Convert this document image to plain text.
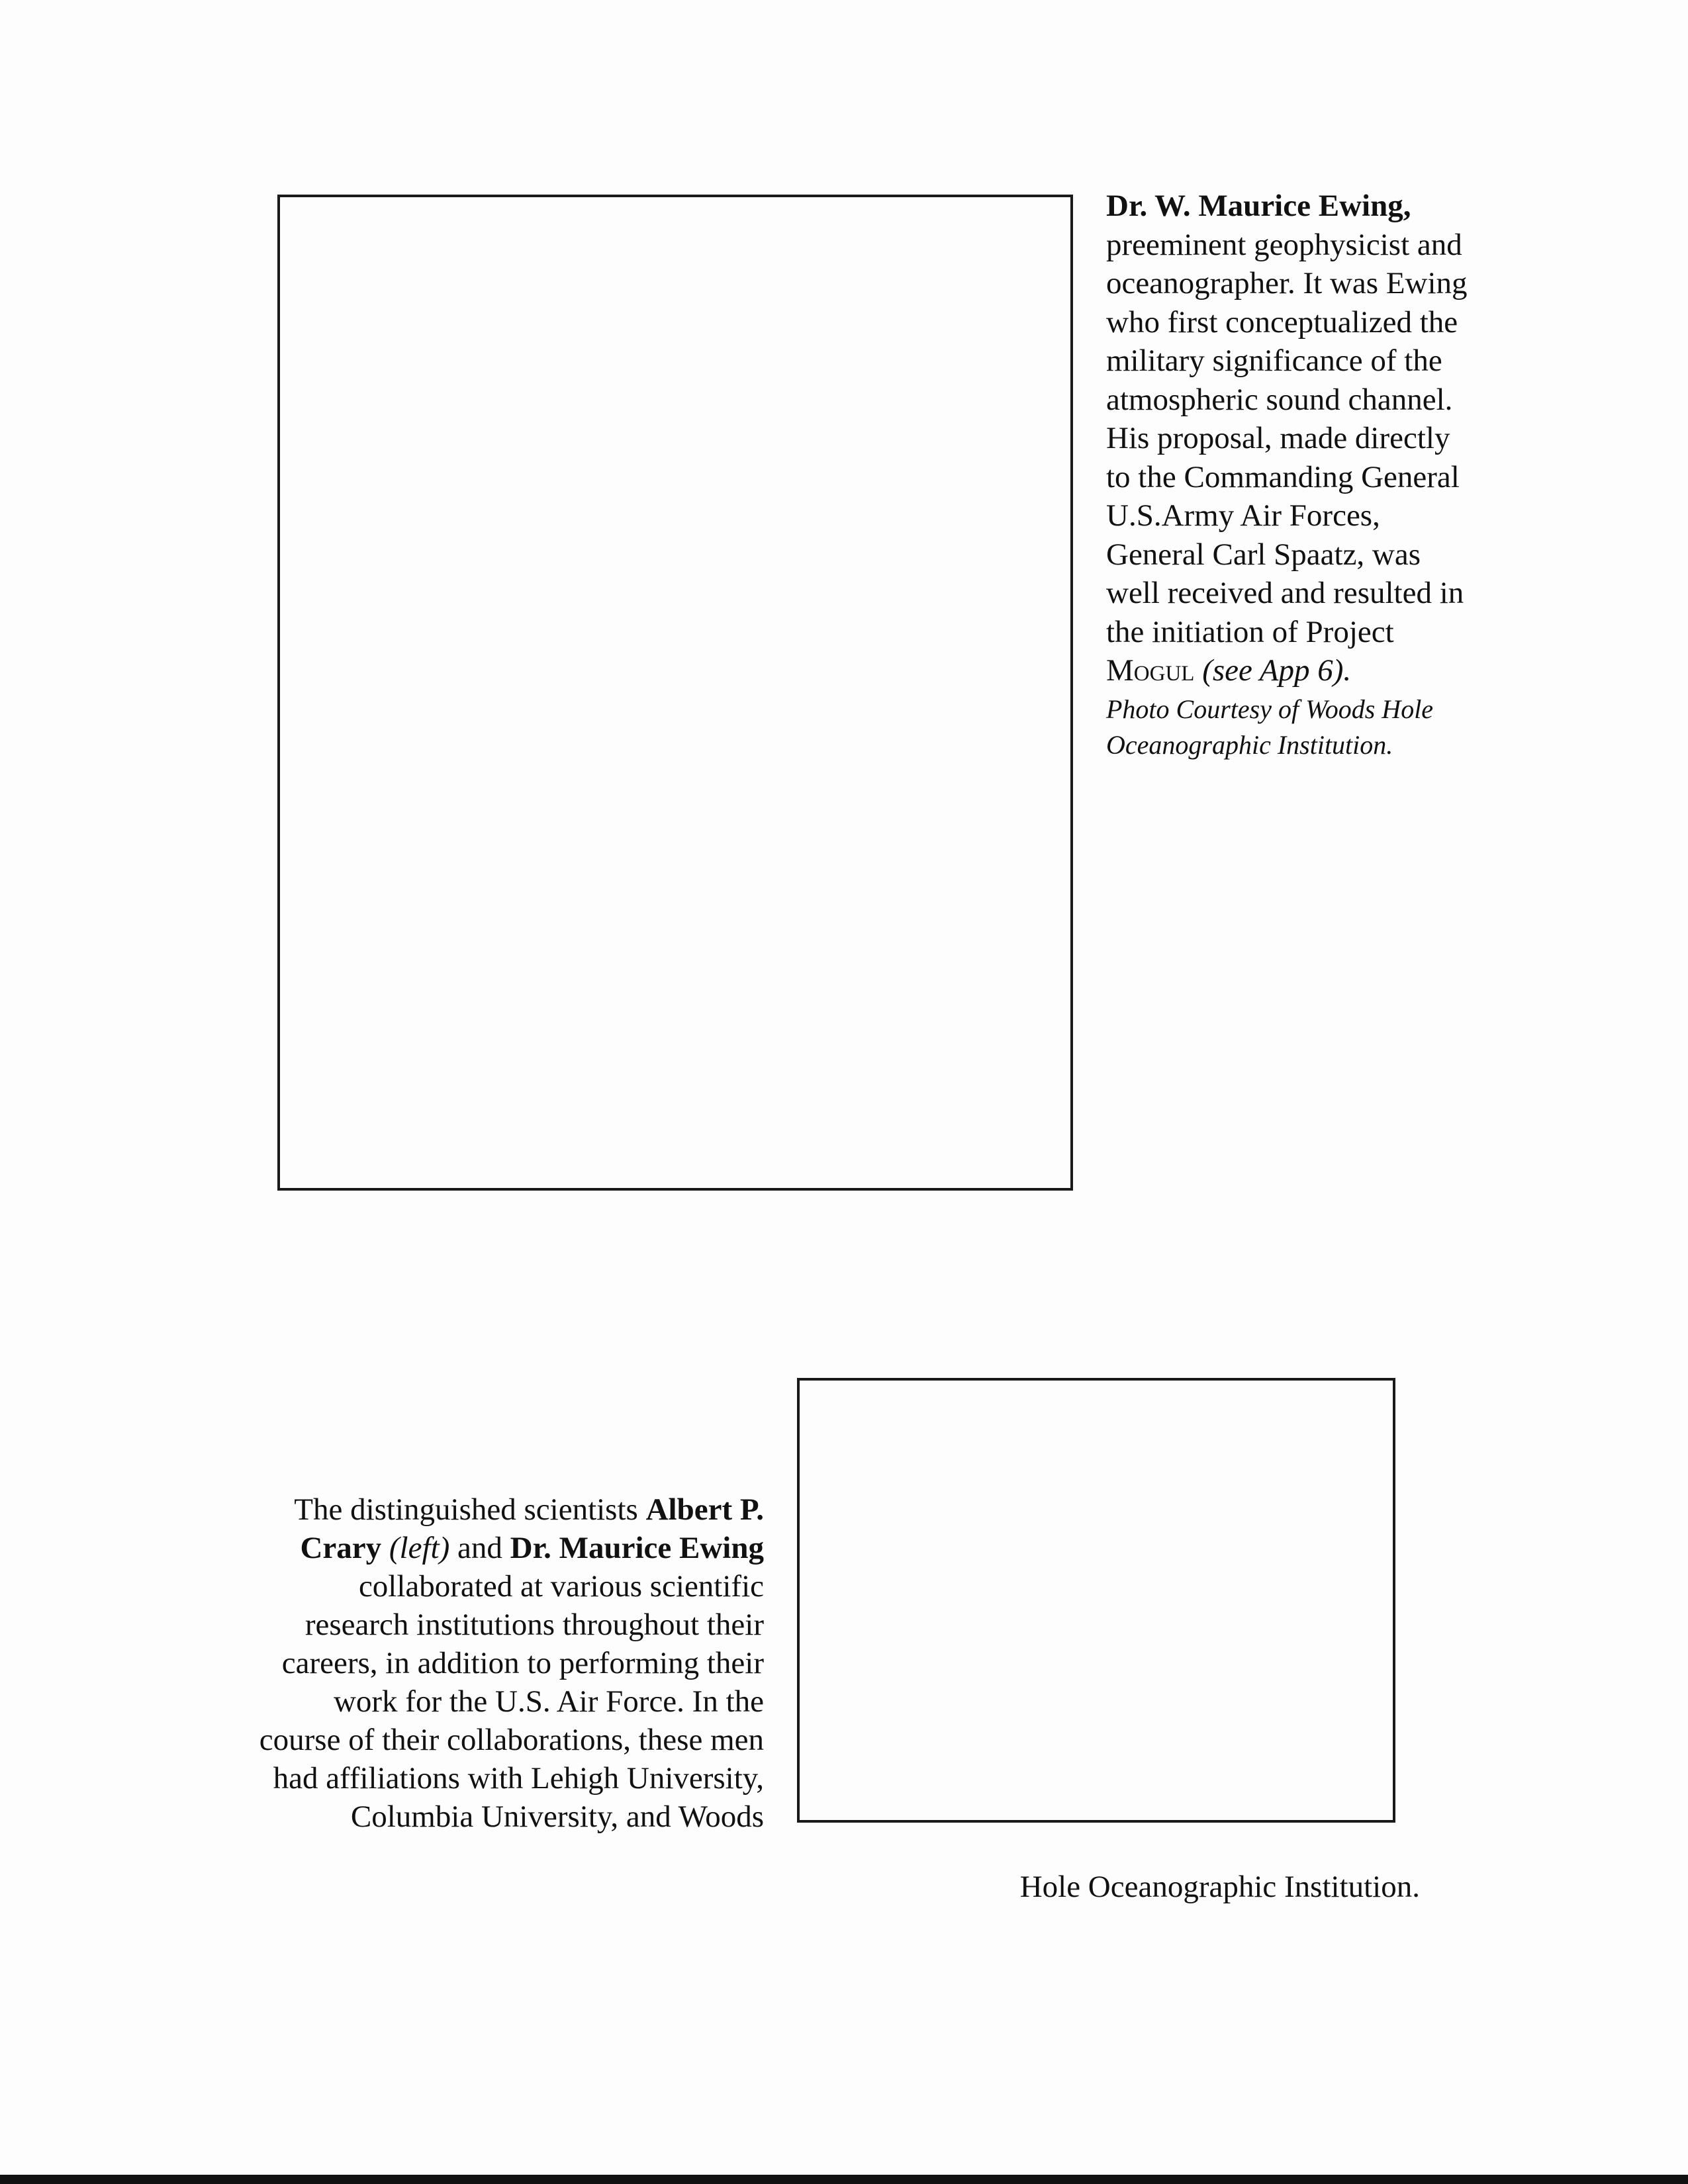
Dr. W. Maurice Ewing, preeminent geophysicist and oceanographer. It was Ewing who first conceptualized the military significance of the atmospheric sound channel. His proposal, made directly to the Commanding General U.S.Army Air Forces, General Carl Spaatz, was well received and resulted in the initiation of Project Mogul (see App 6).
Photo Courtesy of Woods Hole Oceanographic Institution.
The distinguished scientists Albert P. Crary (left) and Dr. Maurice Ewing collaborated at various scientific research institutions throughout their careers, in addition to performing their work for the U.S. Air Force. In the course of their collaborations, these men had affiliations with Lehigh University, Columbia University, and Woods
Hole Oceanographic Institution.
